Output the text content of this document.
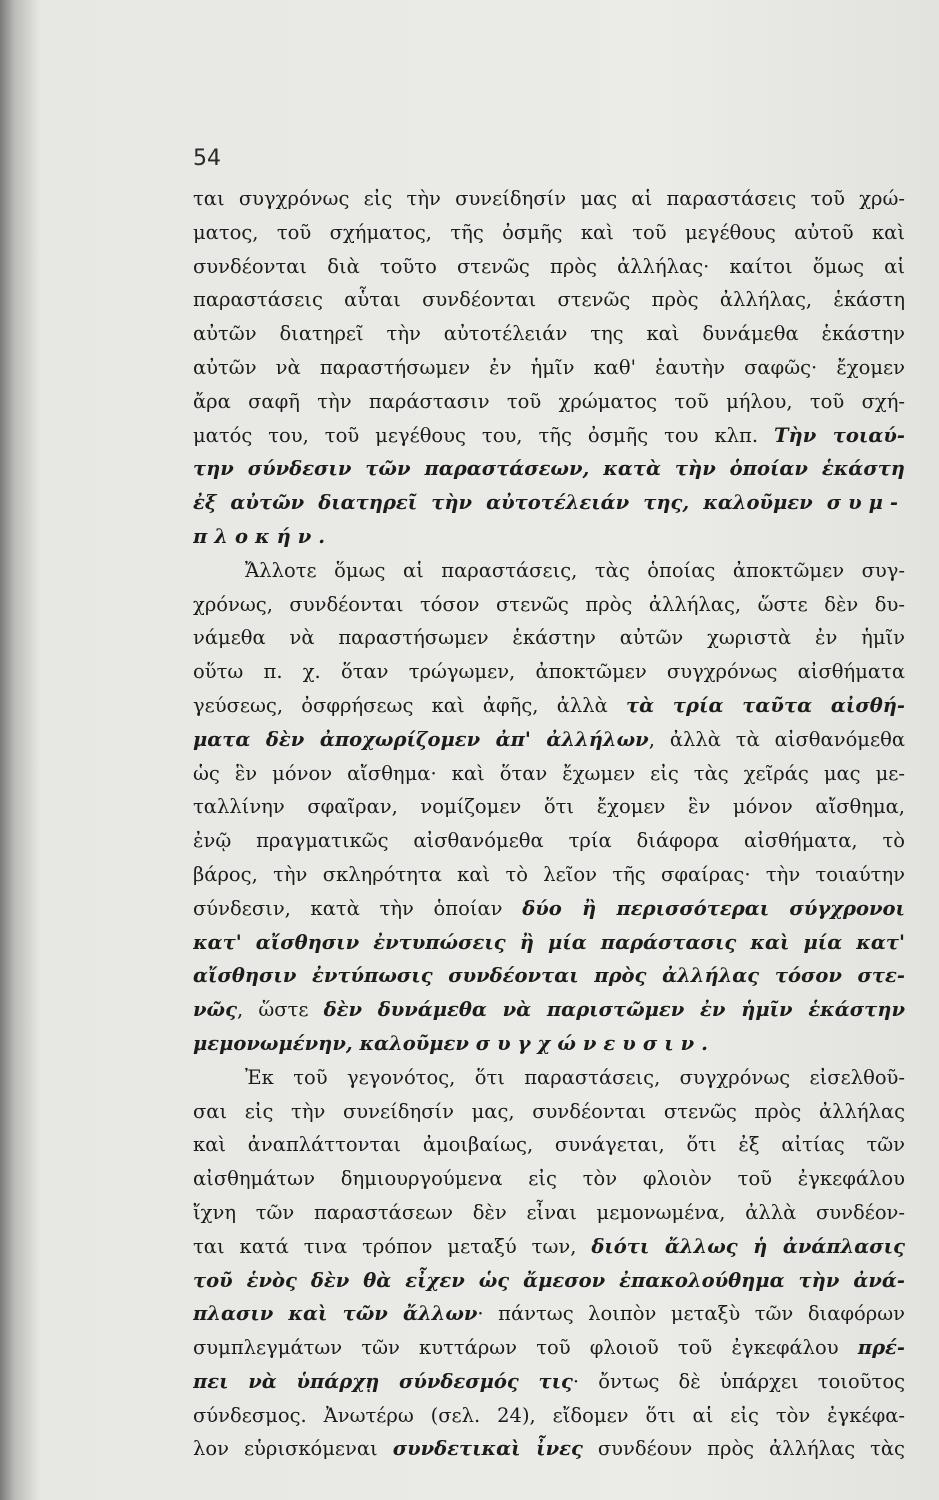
54
ται συγχρόνως εἰς τὴν συνείδησίν μας αἱ παραστάσεις τοῦ χρώ-
ματος, τοῦ σχήματος, τῆς ὀσμῆς καὶ τοῦ μεγέθους αὐτοῦ καὶ
συνδέονται διὰ τοῦτο στενῶς πρὸς ἀλλήλας· καίτοι ὅμως αἱ
παραστάσεις αὗται συνδέονται στενῶς πρὸς ἀλλήλας, ἑκάστη
αὐτῶν διατηρεῖ τὴν αὐτοτέλειάν της καὶ δυνάμεθα ἑκάστην
αὐτῶν νὰ παραστήσωμεν ἐν ἡμῖν καθ' ἑαυτὴν σαφῶς· ἔχομεν
ἄρα σαφῆ τὴν παράστασιν τοῦ χρώματος τοῦ μήλου, τοῦ σχή-
ματός του, τοῦ μεγέθους του, τῆς ὀσμῆς του κλπ. Τὴν τοιαύ-
την σύνδεσιν τῶν παραστάσεων, κατὰ τὴν ὁποίαν ἑκάστη
ἐξ αὐτῶν διατηρεῖ τὴν αὐτοτέλειάν της, καλοῦμεν συμ-
πλοκήν.
Ἄλλοτε ὅμως αἱ παραστάσεις, τὰς ὁποίας ἀποκτῶμεν συγ-
χρόνως, συνδέονται τόσον στενῶς πρὸς ἀλλήλας, ὥστε δὲν δυ-
νάμεθα νὰ παραστήσωμεν ἑκάστην αὐτῶν χωριστὰ ἐν ἡμῖν
οὕτω π. χ. ὅταν τρώγωμεν, ἀποκτῶμεν συγχρόνως αἰσθήματα
γεύσεως, ὀσφρήσεως καὶ ἀφῆς, ἀλλὰ τὰ τρία ταῦτα αἰσθή-
ματα δὲν ἀποχωρίζομεν ἀπ' ἀλλήλων, ἀλλὰ τὰ αἰσθανόμεθα
ὡς ἓν μόνον αἴσθημα· καὶ ὅταν ἔχωμεν εἰς τὰς χεῖράς μας με-
ταλλίνην σφαῖραν, νομίζομεν ὅτι ἔχομεν ἓν μόνον αἴσθημα,
ἐνῷ πραγματικῶς αἰσθανόμεθα τρία διάφορα αἰσθήματα, τὸ
βάρος, τὴν σκληρότητα καὶ τὸ λεῖον τῆς σφαίρας· τὴν τοιαύτην
σύνδεσιν, κατὰ τὴν ὁποίαν δύο ἢ περισσότεραι σύγχρονοι
κατ' αἴσθησιν ἐντυπώσεις ἢ μία παράστασις καὶ μία κατ'
αἴσθησιν ἐντύπωσις συνδέονται πρὸς ἀλλήλας τόσον στε-
νῶς, ὥστε δὲν δυνάμεθα νὰ παριστῶμεν ἐν ἡμῖν ἑκάστην
μεμονωμένην, καλοῦμεν συγχώνευσιν.
Ἐκ τοῦ γεγονότος, ὅτι παραστάσεις, συγχρόνως εἰσελθοῦ-
σαι εἰς τὴν συνείδησίν μας, συνδέονται στενῶς πρὸς ἀλλήλας
καὶ ἀναπλάττονται ἀμοιβαίως, συνάγεται, ὅτι ἐξ αἰτίας τῶν
αἰσθημάτων δημιουργούμενα εἰς τὸν φλοιὸν τοῦ ἐγκεφάλου
ἴχνη τῶν παραστάσεων δὲν εἶναι μεμονωμένα, ἀλλὰ συνδέον-
ται κατά τινα τρόπον μεταξύ των, διότι ἄλλως ἡ ἀνάπλασις
τοῦ ἑνὸς δὲν θὰ εἶχεν ὡς ἄμεσον ἐπακολούθημα τὴν ἀνά-
πλασιν καὶ τῶν ἄλλων· πάντως λοιπὸν μεταξὺ τῶν διαφόρων
συμπλεγμάτων τῶν κυττάρων τοῦ φλοιοῦ τοῦ ἐγκεφάλου πρέ-
πει νὰ ὑπάρχῃ σύνδεσμός τις· ὄντως δὲ ὑπάρχει τοιοῦτος
σύνδεσμος. Ἀνωτέρω (σελ. 24), εἴδομεν ὅτι αἱ εἰς τὸν ἐγκέφα-
λον εὑρισκόμεναι συνδετικαὶ ἶνες συνδέουν πρὸς ἀλλήλας τὰς
